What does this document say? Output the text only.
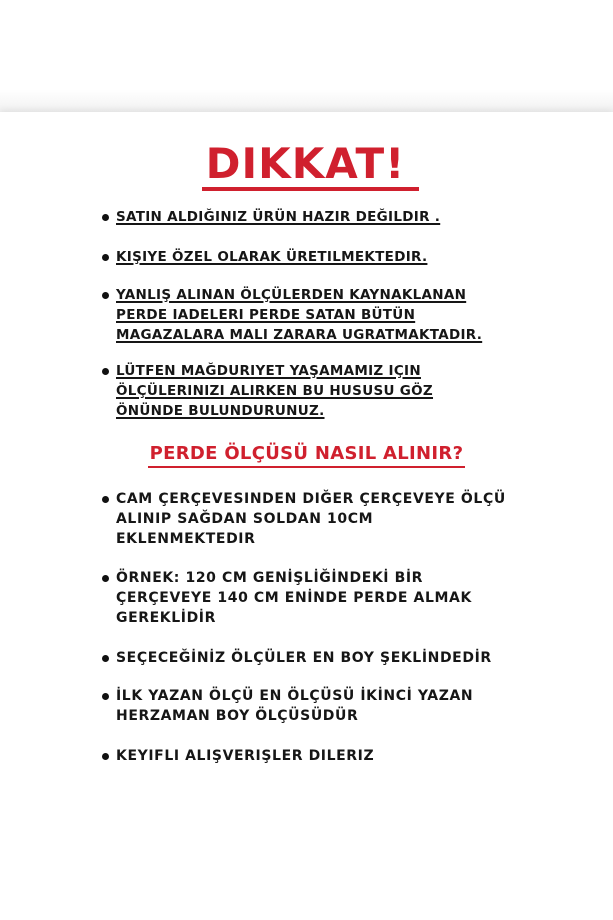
DIKKAT!
SATIN ALDIĞINIZ ÜRÜN HAZIR DEĞILDIR .
KIŞIYE ÖZEL OLARAK ÜRETILMEKTEDIR.
YANLIŞ ALINAN ÖLÇÜLERDEN KAYNAKLANAN
PERDE IADELERI PERDE SATAN BÜTÜN
MAGAZALARA MALI ZARARA UGRATMAKTADIR.
LÜTFEN MAĞDURIYET YAŞAMAMIZ IÇIN
ÖLÇÜLERINIZI ALIRKEN BU HUSUSU GÖZ
ÖNÜNDE BULUNDURUNUZ.
PERDE ÖLÇÜSÜ NASIL ALINIR?
CAM ÇERÇEVESINDEN DIĞER ÇERÇEVEYE ÖLÇÜ
ALINIP SAĞDAN SOLDAN 10CM
EKLENMEKTEDIR
ÖRNEK: 120 CM GENİŞLİĞİNDEKİ BİR
ÇERÇEVEYE 140 CM ENİNDE PERDE ALMAK
GEREKLİDİR
SEÇECEĞİNİZ ÖLÇÜLER EN BOY ŞEKLİNDEDİR
İLK YAZAN ÖLÇÜ EN ÖLÇÜSÜ İKİNCİ YAZAN
HERZAMAN BOY ÖLÇÜSÜDÜR
KEYIFLI ALIŞVERIŞLER DILERIZ
